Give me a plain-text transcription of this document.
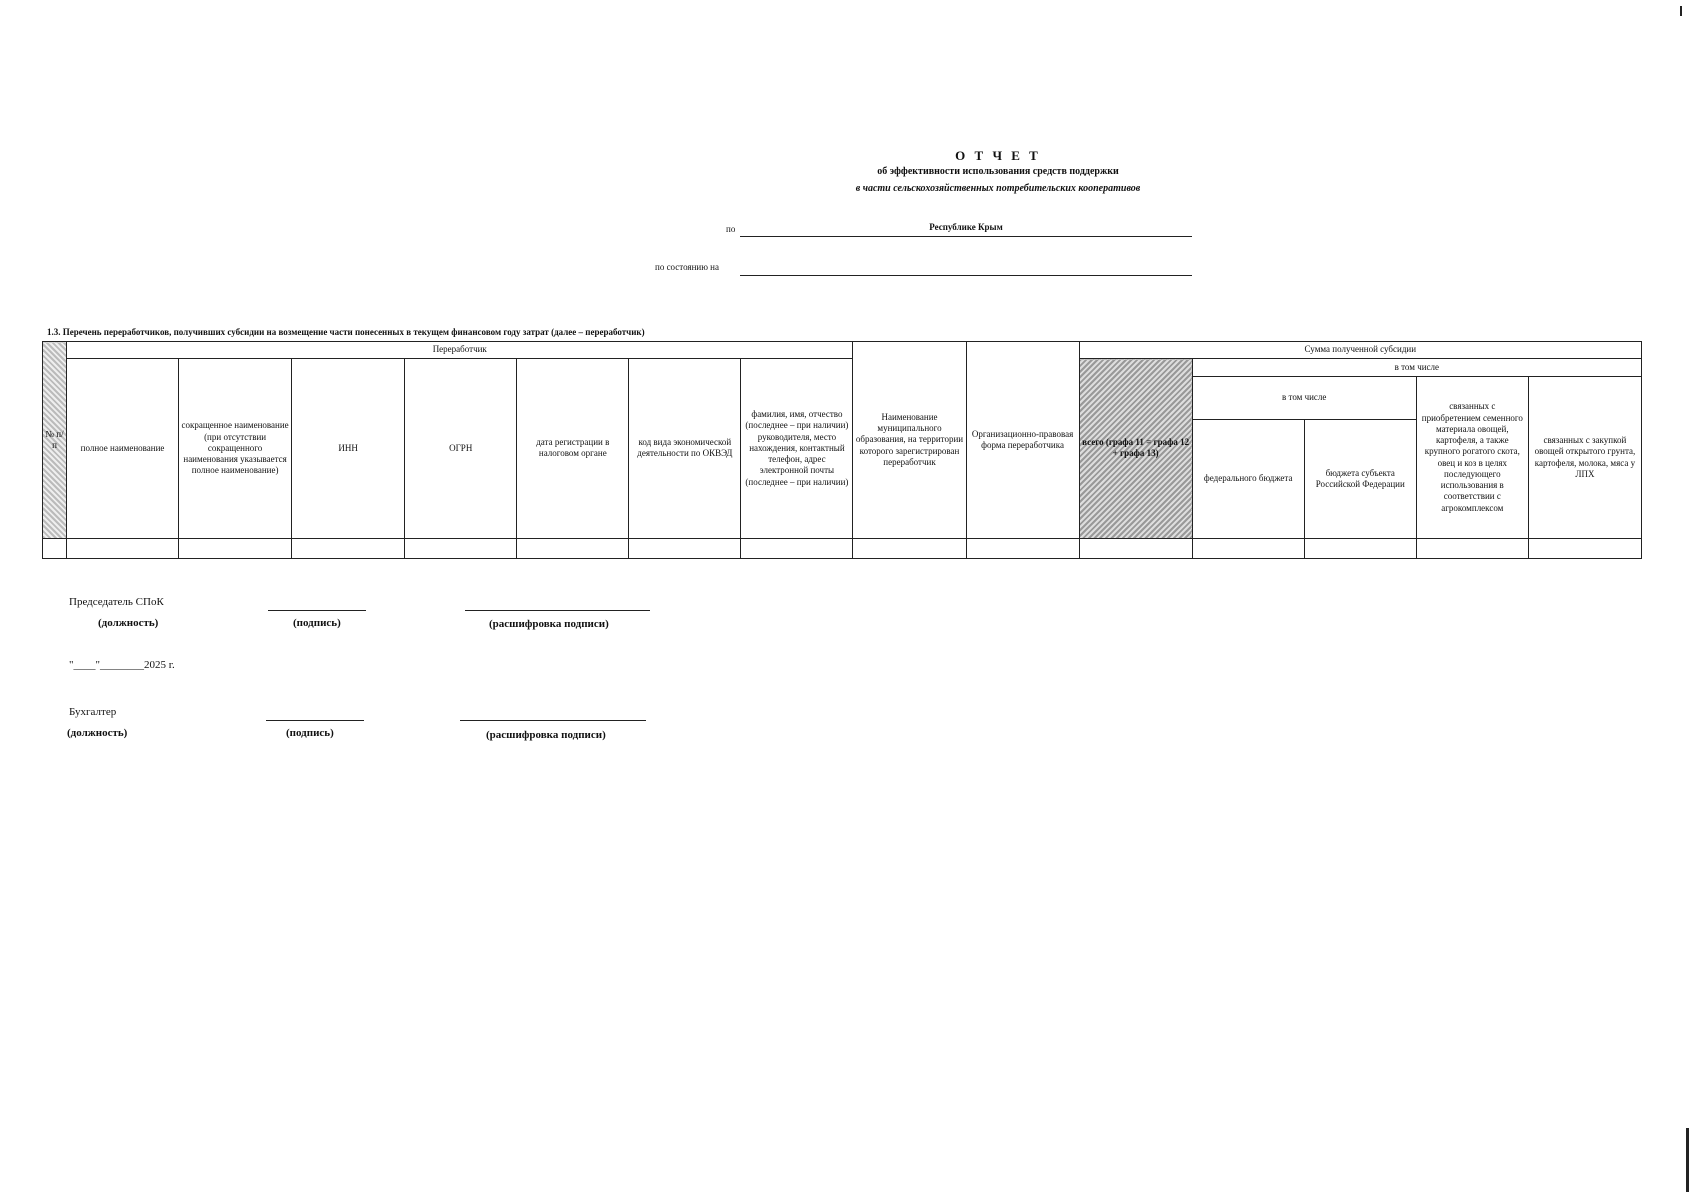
О Т Ч Е Т
об эффективности использования средств поддержки
в части сельскохозяйственных потребительских кооперативов
по	Республике Крым
по состоянию на
1.3. Перечень переработчиков, получивших субсидии на возмещение части понесенных в текущем финансовом году затрат (далее – переработчик)
№ п/п	Переработчик							Наименование муниципального образования, на территории которого зарегистрирован переработчик	Организационно-правовая форма переработчика	Сумма полученной субсидии				
	полное наименование	сокращенное наименование (при отсутствии сокращенного наименования указывается полное наименование)	ИНН	ОГРН	дата регистрации в налоговом органе	код вида экономической деятельности по ОКВЭД	фамилия, имя, отчество (последнее – при наличии) руководителя, место нахождения, контактный телефон, адрес электронной почты (последнее – при наличии)			всего (графа 11 = графа 12 + графа 13)	в том числе			
											в том числе		связанных с приобретением семенного материала овощей, картофеля, а также крупного рогатого скота, овец и коз в целях последующего использования в соответствии с агрокомплексом	связанных с закупкой овощей открытого грунта, картофеля, молока, мяса у ЛПХ
											федерального бюджета	бюджета субъекта Российской Федерации		

Председатель СПоК
(должность)	(подпись)	(расшифровка подписи)
"____"________2025 г.
Бухгалтер
(должность)	(подпись)	(расшифровка подписи)
